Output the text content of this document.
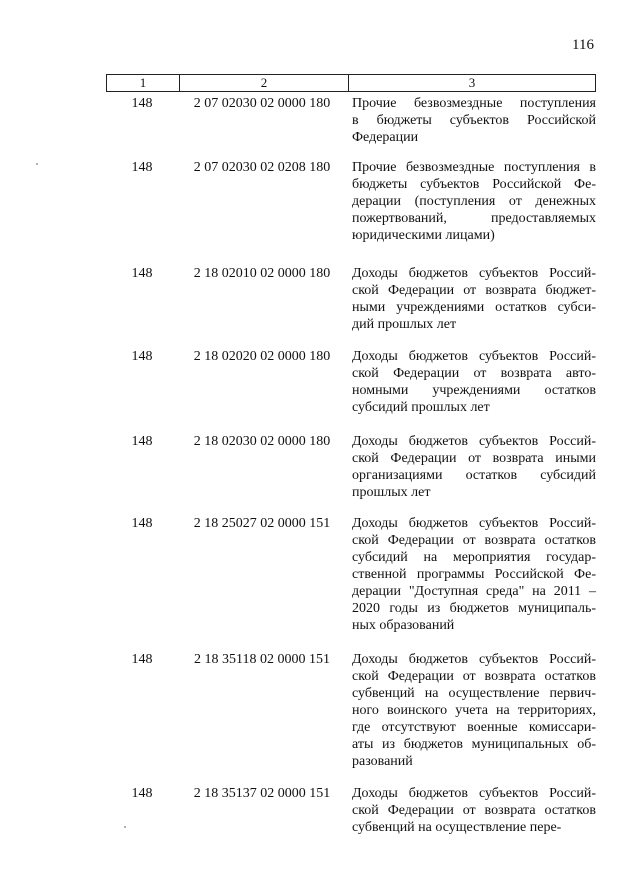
116
1	2	3
148	2 07 02030 02 0000 180	Прочие безвозмездные поступления
в бюджеты субъектов Российской
Федерации
148	2 07 02030 02 0208 180	Прочие безвозмездные поступления в
бюджеты субъектов Российской Фе-
дерации (поступления от денежных
пожертвований, предоставляемых
юридическими лицами)
148	2 18 02010 02 0000 180	Доходы бюджетов субъектов Россий-
ской Федерации от возврата бюджет-
ными учреждениями остатков субси-
дий прошлых лет
148	2 18 02020 02 0000 180	Доходы бюджетов субъектов Россий-
ской Федерации от возврата авто-
номными учреждениями остатков
субсидий прошлых лет
148	2 18 02030 02 0000 180	Доходы бюджетов субъектов Россий-
ской Федерации от возврата иными
организациями остатков субсидий
прошлых лет
148	2 18 25027 02 0000 151	Доходы бюджетов субъектов Россий-
ской Федерации от возврата остатков
субсидий на мероприятия государ-
ственной программы Российской Фе-
дерации "Доступная среда" на 2011 –
2020 годы из бюджетов муниципаль-
ных образований
148	2 18 35118 02 0000 151	Доходы бюджетов субъектов Россий-
ской Федерации от возврата остатков
субвенций на осуществление первич-
ного воинского учета на территориях,
где отсутствуют военные комиссари-
аты из бюджетов муниципальных об-
разований
148	2 18 35137 02 0000 151	Доходы бюджетов субъектов Россий-
ской Федерации от возврата остатков
субвенций на осуществление пере-
